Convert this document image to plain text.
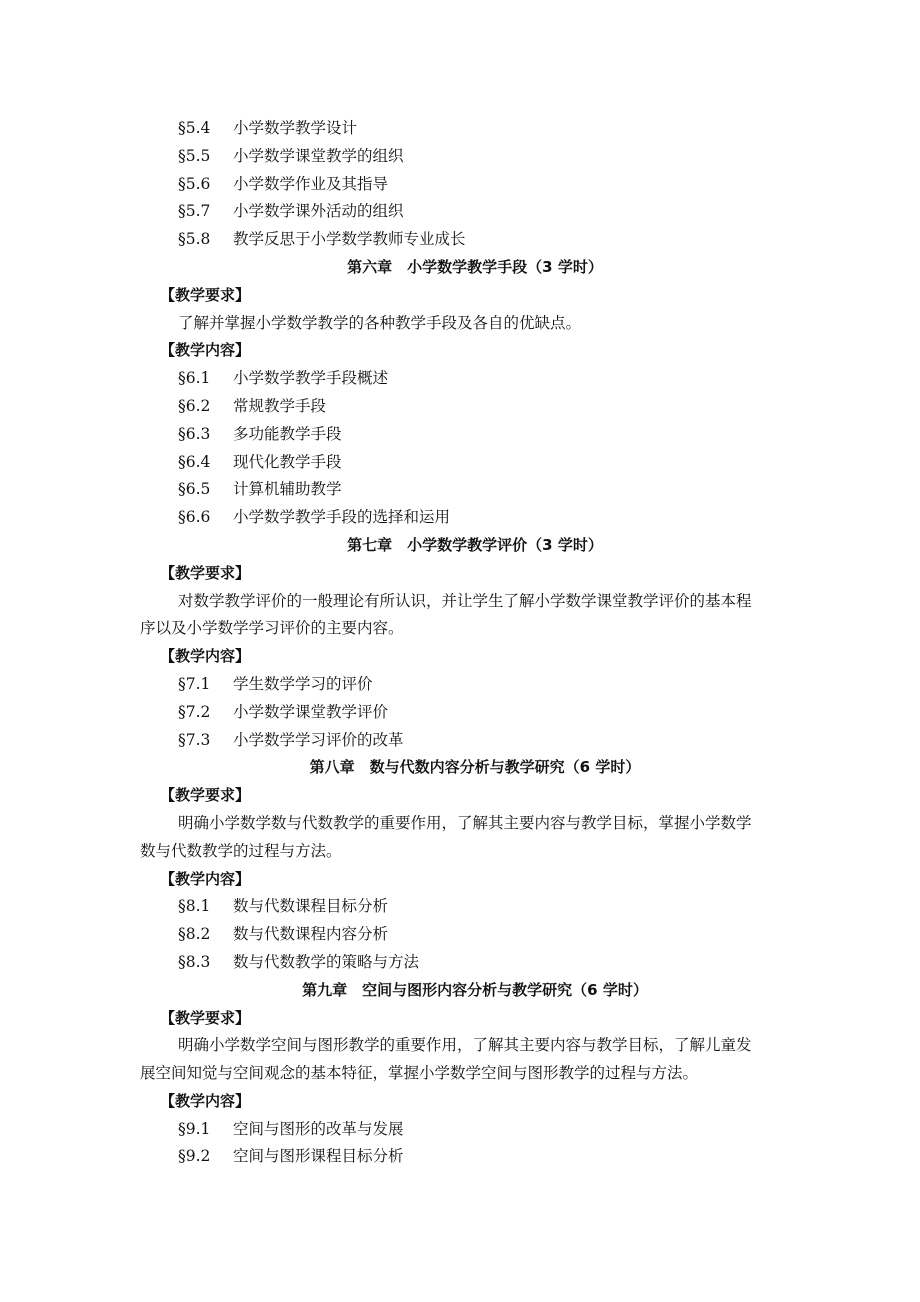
§5.4 小学数学教学设计
§5.5 小学数学课堂教学的组织
§5.6 小学数学作业及其指导
§5.7 小学数学课外活动的组织
§5.8 教学反思于小学数学教师专业成长
第六章　小学数学教学手段（3 学时）
【教学要求】
了解并掌握小学数学教学的各种教学手段及各自的优缺点。
【教学内容】
§6.1 小学数学教学手段概述
§6.2 常规教学手段
§6.3 多功能教学手段
§6.4 现代化教学手段
§6.5 计算机辅助教学
§6.6 小学数学教学手段的选择和运用
第七章　小学数学教学评价（3 学时）
【教学要求】
对数学教学评价的一般理论有所认识，并让学生了解小学数学课堂教学评价的基本程
序以及小学数学学习评价的主要内容。
【教学内容】
§7.1 学生数学学习的评价
§7.2 小学数学课堂教学评价
§7.3 小学数学学习评价的改革
第八章　数与代数内容分析与教学研究（6 学时）
【教学要求】
明确小学数学数与代数教学的重要作用，了解其主要内容与教学目标，掌握小学数学
数与代数教学的过程与方法。
【教学内容】
§8.1 数与代数课程目标分析
§8.2 数与代数课程内容分析
§8.3 数与代数教学的策略与方法
第九章　空间与图形内容分析与教学研究（6 学时）
【教学要求】
明确小学数学空间与图形教学的重要作用，了解其主要内容与教学目标，了解儿童发
展空间知觉与空间观念的基本特征，掌握小学数学空间与图形教学的过程与方法。
【教学内容】
§9.1 空间与图形的改革与发展
§9.2 空间与图形课程目标分析
